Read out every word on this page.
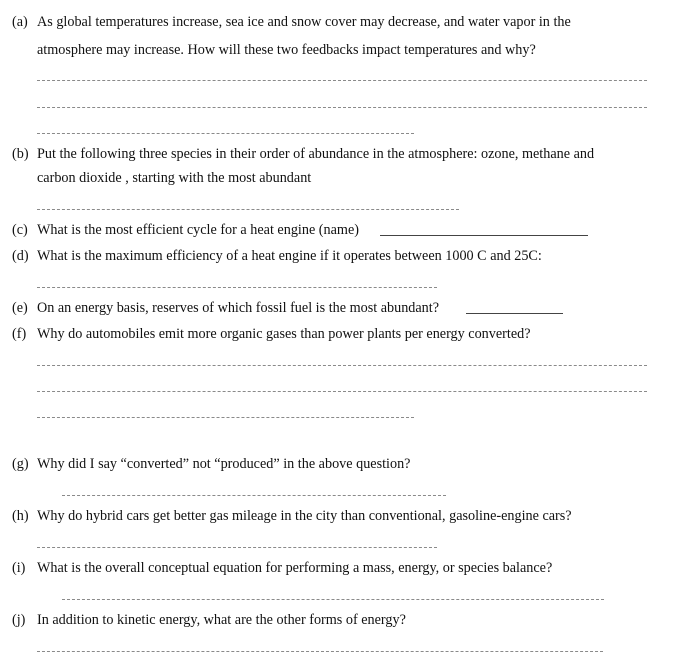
(a) As global temperatures increase, sea ice and snow cover may decrease, and water vapor in the
atmosphere may increase. How will these two feedbacks impact temperatures and why?
(b) Put the following three species in their order of abundance in the atmosphere: ozone, methane and
carbon dioxide , starting with the most abundant
(c) What is the most efficient cycle for a heat engine (name)
(d) What is the maximum efficiency of a heat engine if it operates between 1000 C and 25C:
(e) On an energy basis, reserves of which fossil fuel is the most abundant?
(f) Why do automobiles emit more organic gases than power plants per energy converted?
(g) Why did I say “converted” not “produced” in the above question?
(h) Why do hybrid cars get better gas mileage in the city than conventional, gasoline-engine cars?
(i) What is the overall conceptual equation for performing a mass, energy, or species balance?
(j) In addition to kinetic energy, what are the other forms of energy?
